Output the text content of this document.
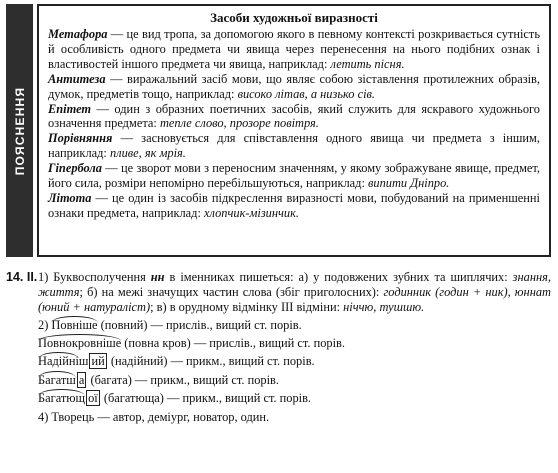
ПОЯСНЕННЯ
Засоби художньої виразності

Метафора — це вид тропа, за допомогою якого в певному контексті розкривається сутність й особливість одного предмета чи явища через перенесення на нього подібних ознак і властивостей іншого предмета чи явища, наприклад: летить пісня.

Антитеза — виражальний засіб мови, що являє собою зіставлення протилежних образів, думок, предметів тощо, наприклад: високо літав, а низько сів.

Епітет — один з образних поетичних засобів, який служить для яскравого художнього означення предмета: тепле слово, прозоре повітря.

Порівняння — засновується для співставлення одного явища чи предмета з іншим, наприклад: пливе, як мрія.

Гіпербола — це зворот мови з переносним значенням, у якому зображуване явище, предмет, його сила, розміри непомірно перебільшуються, наприклад: випити Дніпро.

Літота — це один із засобів підкреслення виразності мови, побудований на применшенні ознаки предмета, наприклад: хлопчик-мізинчик.

14. ІІ. 1) Буквосполучення нн в іменниках пишеться: а) у подовжених зубних та шиплячих: знання, життя; б) на межі значущих частин слова (збіг приголосних): годинник (годин + ник), юннат (юний + натураліст); в) в орудному відмінку ІІІ відміни: ніччю, тушшю.

2) Повніше (повний) — прислів., вищий ст. порів.
Повнокровніше (повна кров) — прислів., вищий ст. порів.
Надійніш ий (надійний) — прикм., вищий ст. порів.
Багатш а (багата) — прикм., вищий ст. порів.
Багатющ ої (багатюща) — прикм., вищий ст. порів.
4) Творець — автор, деміург, новатор, один.
